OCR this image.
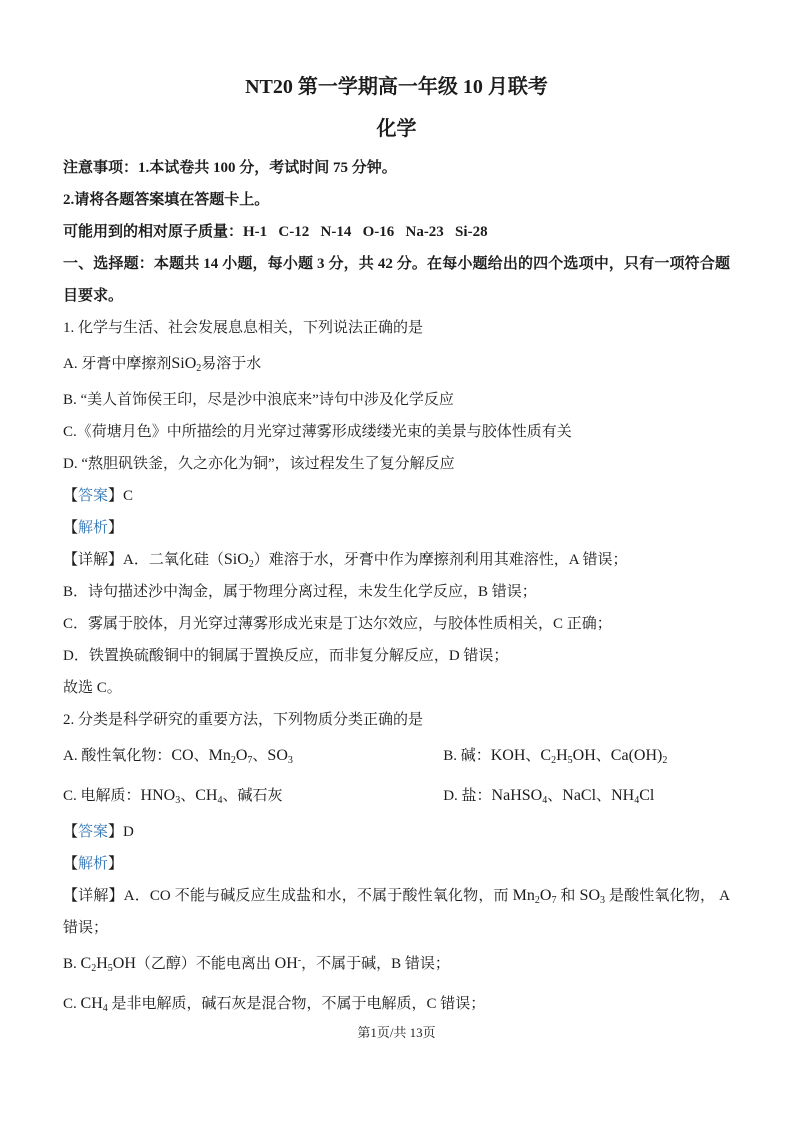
NT20 第一学期高一年级 10 月联考
化学
注意事项：1.本试卷共 100 分，考试时间 75 分钟。
2.请将各题答案填在答题卡上。
可能用到的相对原子质量：H-1   C-12   N-14   O-16   Na-23   Si-28
一、选择题：本题共 14 小题，每小题 3 分，共 42 分。在每小题给出的四个选项中，只有一项符合题目要求。
1. 化学与生活、社会发展息息相关，下列说法正确的是
A. 牙膏中摩擦剂SiO$_2$易溶于水
B. “美人首饰侯王印，尽是沙中浪底来”诗句中涉及化学反应
C.《荷塘月色》中所描绘的月光穿过薄雾形成缕缕光束的美景与胶体性质有关
D. “熬胆矾铁釜，久之亦化为铜”，该过程发生了复分解反应
【答案】C
【解析】
【详解】A．二氧化硅（SiO$_2$）难溶于水，牙膏中作为摩擦剂利用其难溶性，A 错误；
B．诗句描述沙中淘金，属于物理分离过程，未发生化学反应，B 错误；
C．雾属于胶体，月光穿过薄雾形成光束是丁达尔效应，与胶体性质相关，C 正确；
D．铁置换硫酸铜中的铜属于置换反应，而非复分解反应，D 错误；
故选 C。
2. 分类是科学研究的重要方法，下列物质分类正确的是
A. 酸性氧化物：CO、$Mn_2O_7$、$SO_3$	B. 碱：KOH、$C_2H_5OH$、$Ca(OH)_2$
C. 电解质：$HNO_3$、$CH_4$、碱石灰	D. 盐：NaHSO$_4$、NaCl、$NH_4Cl$
【答案】D
【解析】
【详解】A．CO 不能与碱反应生成盐和水，不属于酸性氧化物，而 $Mn_2O_7$ 和 $SO_3$ 是酸性氧化物， A 错误；
B. $C_2H_5OH$（乙醇）不能电离出 OH-，不属于碱，B 错误；
C. $CH_4$ 是非电解质，碱石灰是混合物，不属于电解质，C 错误；
第1页/共 13页
